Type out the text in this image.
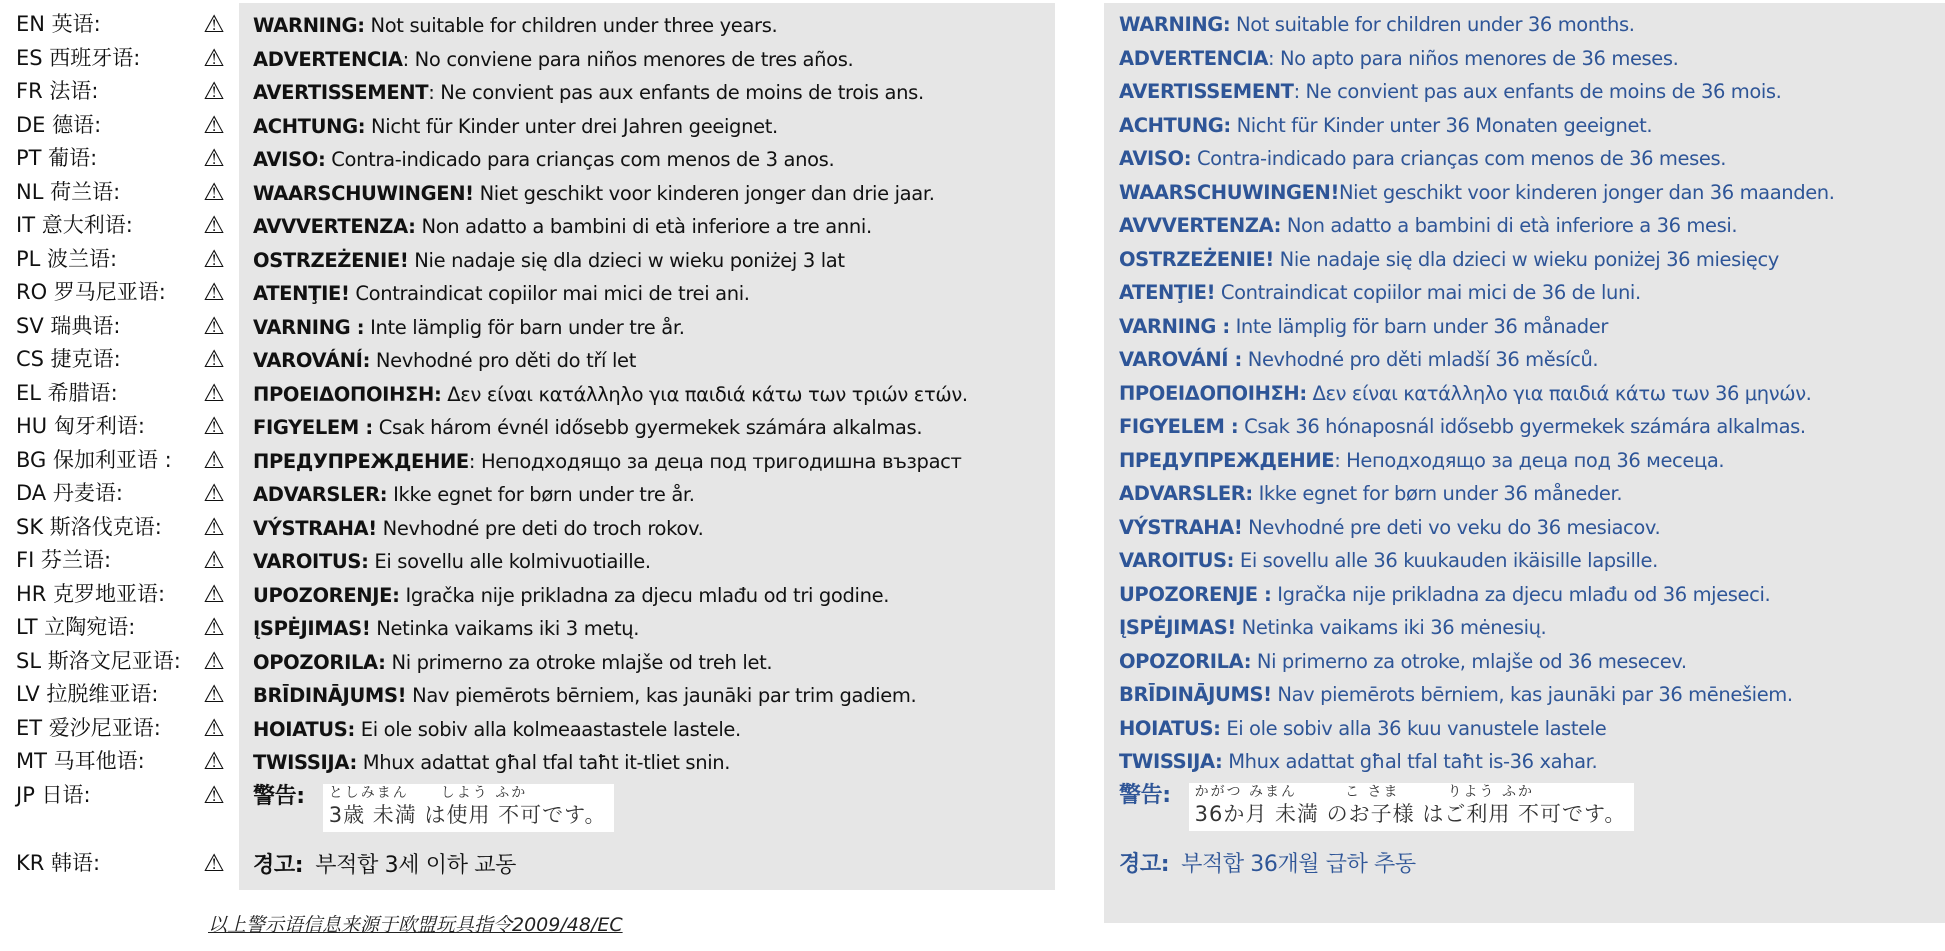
EN 英语:
ES 西班牙语:
FR 法语:
DE 德语:
PT 葡语:
NL 荷兰语:
IT 意大利语:
PL 波兰语:
RO 罗马尼亚语:
SV 瑞典语:
CS 捷克语:
EL 希腊语:
HU 匈牙利语:
BG 保加利亚语 :
DA 丹麦语:
SK 斯洛伐克语:
FI 芬兰语:
HR 克罗地亚语:
LT 立陶宛语:
SL 斯洛文尼亚语:
LV 拉脱维亚语:
ET 爱沙尼亚语:
MT 马耳他语:
JP 日语:
KR 韩语:
⚠
⚠
⚠
⚠
⚠
⚠
⚠
⚠
⚠
⚠
⚠
⚠
⚠
⚠
⚠
⚠
⚠
⚠
⚠
⚠
⚠
⚠
⚠
⚠
⚠
WARNING: Not suitable for children under three years.
ADVERTENCIA: No conviene para niños menores de tres años.
AVERTISSEMENT: Ne convient pas aux enfants de moins de trois ans.
ACHTUNG: Nicht für Kinder unter drei Jahren geeignet.
AVISO: Contra-indicado para crianças com menos de 3 anos.
WAARSCHUWINGEN! Niet geschikt voor kinderen jonger dan drie jaar.
AVVVERTENZA: Non adatto a bambini di età inferiore a tre anni.
OSTRZEŻENIE! Nie nadaje się dla dzieci w wieku poniżej 3 lat
ATENŢIE! Contraindicat copiilor mai mici de trei ani.
VARNING : Inte lämplig för barn under tre år.
VAROVÁNÍ: Nevhodné pro děti do tří let
ΠΡΟΕΙΔΟΠΟΙΗΣΗ: Δεν είναι κατάλληλο για παιδιά κάτω των τριών ετών.
FIGYELEM : Csak három évnél idősebb gyermekek számára alkalmas.
ПРЕДУПРЕЖДЕНИЕ: Неподходящо за деца под тригодишна възраст
ADVARSLER: Ikke egnet for børn under tre år.
VÝSTRAHA! Nevhodné pre deti do troch rokov.
VAROITUS: Ei sovellu alle kolmivuotiaille.
UPOZORENJE: Igračka nije prikladna za djecu mlađu od tri godine.
ĮSPĖJIMAS! Netinka vaikams iki 3 metų.
OPOZORILA: Ni primerno za otroke mlajše od treh let.
BRĪDINĀJUMS! Nav piemērots bērniem, kas jaunāki par trim gadiem.
HOIATUS: Ei ole sobiv alla kolmeaastastele lastele.
TWISSIJA: Mhux adattat għal tfal taħt it-tliet snin.
警告: としみまん　　しよう ふか
3歳 未満 は使用 不可です。
경고: 부적합 3세 이하 교동
WARNING: Not suitable for children under 36 months.
ADVERTENCIA: No apto para niños menores de 36 meses.
AVERTISSEMENT: Ne convient pas aux enfants de moins de 36 mois.
ACHTUNG: Nicht für Kinder unter 36 Monaten geeignet.
AVISO: Contra-indicado para crianças com menos de 36 meses.
WAARSCHUWINGEN!Niet geschikt voor kinderen jonger dan 36 maanden.
AVVVERTENZA: Non adatto a bambini di età inferiore a 36 mesi.
OSTRZEŻENIE! Nie nadaje się dla dzieci w wieku poniżej 36 miesięcy
ATENŢIE! Contraindicat copiilor mai mici de 36 de luni.
VARNING : Inte lämplig för barn under 36 månader
VAROVÁNÍ : Nevhodné pro děti mladší 36 měsíců.
ΠΡΟΕΙΔΟΠΟΙΗΣΗ: Δεν είναι κατάλληλο για παιδιά κάτω των 36 μηνών.
FIGYELEM : Csak 36 hónaposnál idősebb gyermekek számára alkalmas.
ПРЕДУПРЕЖДЕНИЕ: Неподходящо за деца под 36 месеца.
ADVARSLER: Ikke egnet for børn under 36 måneder.
VÝSTRAHA! Nevhodné pre deti vo veku do 36 mesiacov.
VAROITUS: Ei sovellu alle 36 kuukauden ikäisille lapsille.
UPOZORENJE : Igračka nije prikladna za djecu mlađu od 36 mjeseci.
ĮSPĖJIMAS! Netinka vaikams iki 36 mėnesių.
OPOZORILA: Ni primerno za otroke, mlajše od 36 mesecev.
BRĪDINĀJUMS! Nav piemērots bērniem, kas jaunāki par 36 mēnešiem.
HOIATUS: Ei ole sobiv alla 36 kuu vanustele lastele
TWISSIJA: Mhux adattat għal tfal taħt is-36 xahar.
警告: かがつ みまん　　　こ さま　　　りよう ふか
36か月 未満 のお子様 はご利用 不可です。
경고: 부적합 36개월 급하 추동
以上警示语信息来源于欧盟玩具指令2009/48/EC
